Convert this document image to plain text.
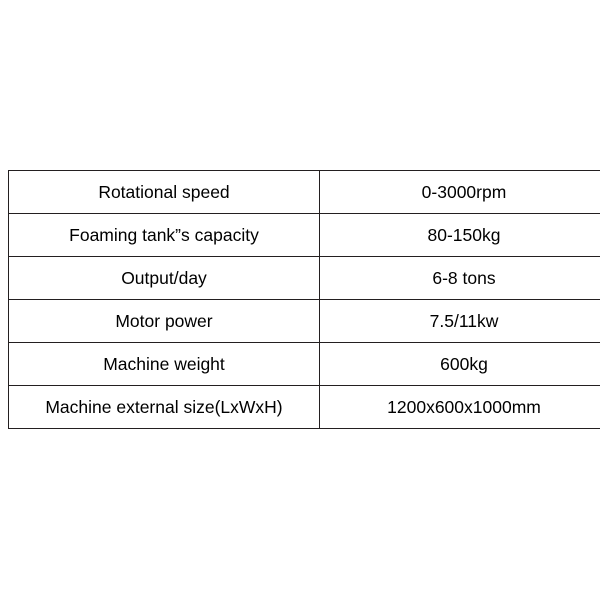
Rotational speed	0-3000rpm
Foaming tank”s capacity	80-150kg
Output/day	6-8 tons
Motor power	7.5/11kw
Machine weight	600kg
Machine external size(LxWxH)	1200x600x1000mm
